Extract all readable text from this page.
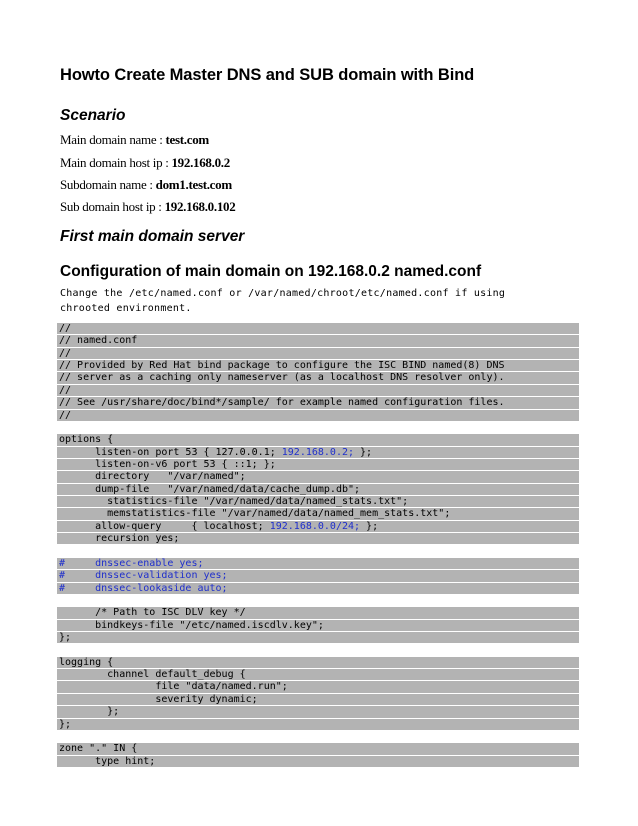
Howto Create Master DNS and SUB domain with Bind
Scenario
Main domain name : test.com
Main domain host ip : 192.168.0.2
Subdomain name : dom1.test.com
Sub domain host ip : 192.168.0.102
First main domain server
Configuration of main domain on 192.168.0.2 named.conf
Change the /etc/named.conf or /var/named/chroot/etc/named.conf if using
chrooted environment.
//
// named.conf
//
// Provided by Red Hat bind package to configure the ISC BIND named(8) DNS
// server as a caching only nameserver (as a localhost DNS resolver only).
//
// See /usr/share/doc/bind*/sample/ for example named configuration files.
//
options {
listen-on port 53 { 127.0.0.1; 192.168.0.2; };
listen-on-v6 port 53 { ::1; };
directory   "/var/named";
dump-file   "/var/named/data/cache_dump.db";
statistics-file "/var/named/data/named_stats.txt";
memstatistics-file "/var/named/data/named_mem_stats.txt";
allow-query     { localhost; 192.168.0.0/24; };
recursion yes;
#     dnssec-enable yes;
#     dnssec-validation yes;
#     dnssec-lookaside auto;
/* Path to ISC DLV key */
bindkeys-file "/etc/named.iscdlv.key";
};
logging {
channel default_debug {
file "data/named.run";
severity dynamic;
};
};
zone "." IN {
type hint;
